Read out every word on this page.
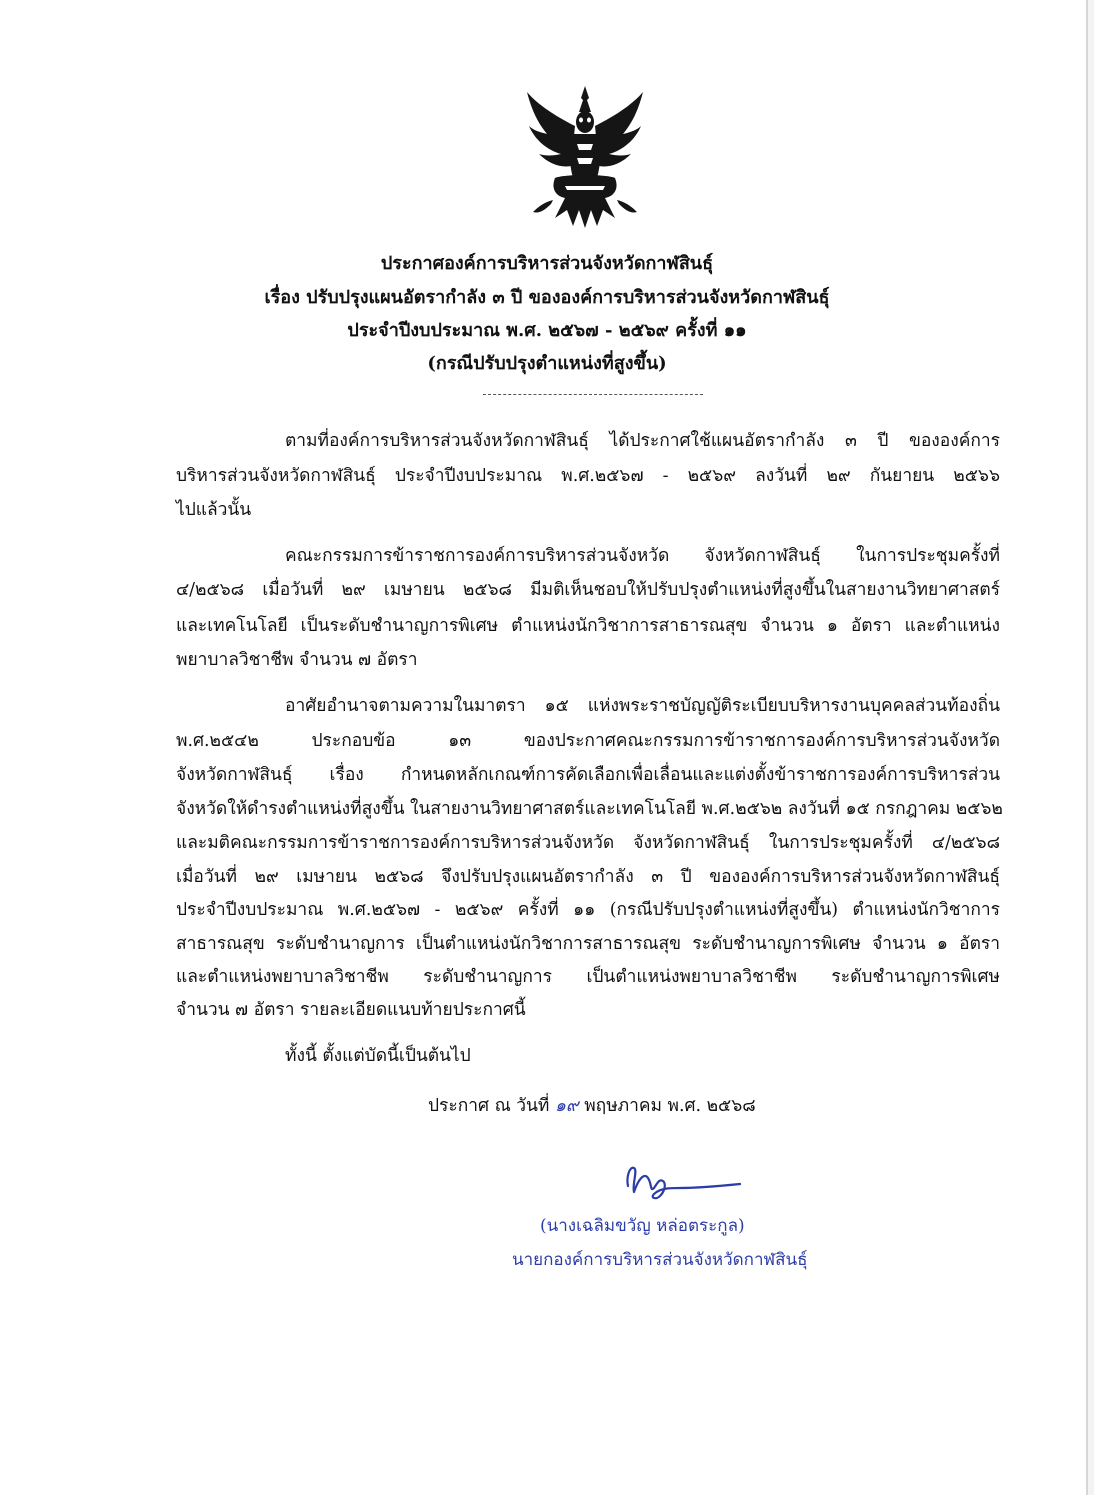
ประกาศองค์การบริหารส่วนจังหวัดกาฬสินธุ์
เรื่อง ปรับปรุงแผนอัตรากำลัง ๓ ปี ขององค์การบริหารส่วนจังหวัดกาฬสินธุ์
ประจำปีงบประมาณ พ.ศ. ๒๕๖๗ - ๒๕๖๙ ครั้งที่ ๑๑
(กรณีปรับปรุงตำแหน่งที่สูงขึ้น)
ตามที่องค์การบริหารส่วนจังหวัดกาฬสินธุ์ ได้ประกาศใช้แผนอัตรากำลัง ๓ ปี ขององค์การ
บริหารส่วนจังหวัดกาฬสินธุ์ ประจำปีงบประมาณ พ.ศ.๒๕๖๗ - ๒๕๖๙ ลงวันที่ ๒๙ กันยายน ๒๕๖๖
ไปแล้วนั้น
คณะกรรมการข้าราชการองค์การบริหารส่วนจังหวัด จังหวัดกาฬสินธุ์ ในการประชุมครั้งที่
๔/๒๕๖๘ เมื่อวันที่ ๒๙ เมษายน ๒๕๖๘ มีมติเห็นชอบให้ปรับปรุงตำแหน่งที่สูงขึ้นในสายงานวิทยาศาสตร์
และเทคโนโลยี เป็นระดับชำนาญการพิเศษ ตำแหน่งนักวิชาการสาธารณสุข จำนวน ๑ อัตรา และตำแหน่ง
พยาบาลวิชาชีพ จำนวน ๗ อัตรา
อาศัยอำนาจตามความในมาตรา ๑๕ แห่งพระราชบัญญัติระเบียบบริหารงานบุคคลส่วนท้องถิ่น
พ.ศ.๒๕๔๒ ประกอบข้อ ๑๓ ของประกาศคณะกรรมการข้าราชการองค์การบริหารส่วนจังหวัด
จังหวัดกาฬสินธุ์ เรื่อง กำหนดหลักเกณฑ์การคัดเลือกเพื่อเลื่อนและแต่งตั้งข้าราชการองค์การบริหารส่วน
จังหวัดให้ดำรงตำแหน่งที่สูงขึ้น ในสายงานวิทยาศาสตร์และเทคโนโลยี พ.ศ.๒๕๖๒ ลงวันที่ ๑๕ กรกฎาคม ๒๕๖๒
และมติคณะกรรมการข้าราชการองค์การบริหารส่วนจังหวัด จังหวัดกาฬสินธุ์ ในการประชุมครั้งที่ ๔/๒๕๖๘
เมื่อวันที่ ๒๙ เมษายน ๒๕๖๘ จึงปรับปรุงแผนอัตรากำลัง ๓ ปี ขององค์การบริหารส่วนจังหวัดกาฬสินธุ์
ประจำปีงบประมาณ พ.ศ.๒๕๖๗ - ๒๕๖๙ ครั้งที่ ๑๑ (กรณีปรับปรุงตำแหน่งที่สูงขึ้น) ตำแหน่งนักวิชาการ
สาธารณสุข ระดับชำนาญการ เป็นตำแหน่งนักวิชาการสาธารณสุข ระดับชำนาญการพิเศษ จำนวน ๑ อัตรา
และตำแหน่งพยาบาลวิชาชีพ ระดับชำนาญการ เป็นตำแหน่งพยาบาลวิชาชีพ ระดับชำนาญการพิเศษ
จำนวน ๗ อัตรา รายละเอียดแนบท้ายประกาศนี้
ทั้งนี้ ตั้งแต่บัดนี้เป็นต้นไป
ประกาศ ณ วันที่ ๑๙ พฤษภาคม พ.ศ. ๒๕๖๘
(นางเฉลิมขวัญ หล่อตระกูล)
นายกองค์การบริหารส่วนจังหวัดกาฬสินธุ์
